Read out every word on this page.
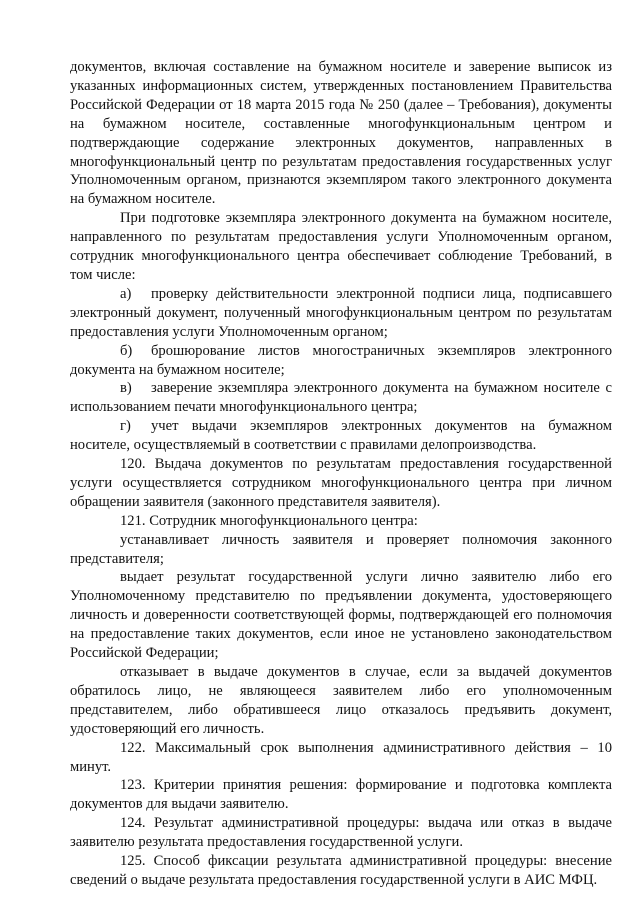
документов, включая составление на бумажном носителе и заверение выписок из указанных информационных систем, утвержденных постановлением Правительства Российской Федерации от 18 марта 2015 года № 250 (далее – Требования), документы на бумажном носителе, составленные многофункциональным центром и подтверждающие содержание электронных документов, направленных в многофункциональный центр по результатам предоставления государственных услуг Уполномоченным органом, признаются экземпляром такого электронного документа на бумажном носителе.

При подготовке экземпляра электронного документа на бумажном носителе, направленного по результатам предоставления услуги Уполномоченным органом, сотрудник многофункционального центра обеспечивает соблюдение Требований, в том числе:

а) проверку действительности электронной подписи лица, подписавшего электронный документ, полученный многофункциональным центром по результатам предоставления услуги Уполномоченным органом;

б) брошюрование листов многостраничных экземпляров электронного документа на бумажном носителе;

в) заверение экземпляра электронного документа на бумажном носителе с использованием печати многофункционального центра;

г) учет выдачи экземпляров электронных документов на бумажном носителе, осуществляемый в соответствии с правилами делопроизводства.

120. Выдача документов по результатам предоставления государственной услуги осуществляется сотрудником многофункционального центра при личном обращении заявителя (законного представителя заявителя).

121. Сотрудник многофункционального центра:

устанавливает личность заявителя и проверяет полномочия законного представителя;

выдает результат государственной услуги лично заявителю либо его Уполномоченному представителю по предъявлении документа, удостоверяющего личность и доверенности соответствующей формы, подтверждающей его полномочия на предоставление таких документов, если иное не установлено законодательством Российской Федерации;

отказывает в выдаче документов в случае, если за выдачей документов обратилось лицо, не являющееся заявителем либо его уполномоченным представителем, либо обратившееся лицо отказалось предъявить документ, удостоверяющий его личность.

122. Максимальный срок выполнения административного действия – 10 минут.

123. Критерии принятия решения: формирование и подготовка комплекта документов для выдачи заявителю.

124. Результат административной процедуры: выдача или отказ в выдаче заявителю результата предоставления государственной услуги.

125. Способ фиксации результата административной процедуры: внесение сведений о выдаче результата предоставления государственной услуги в АИС МФЦ.
